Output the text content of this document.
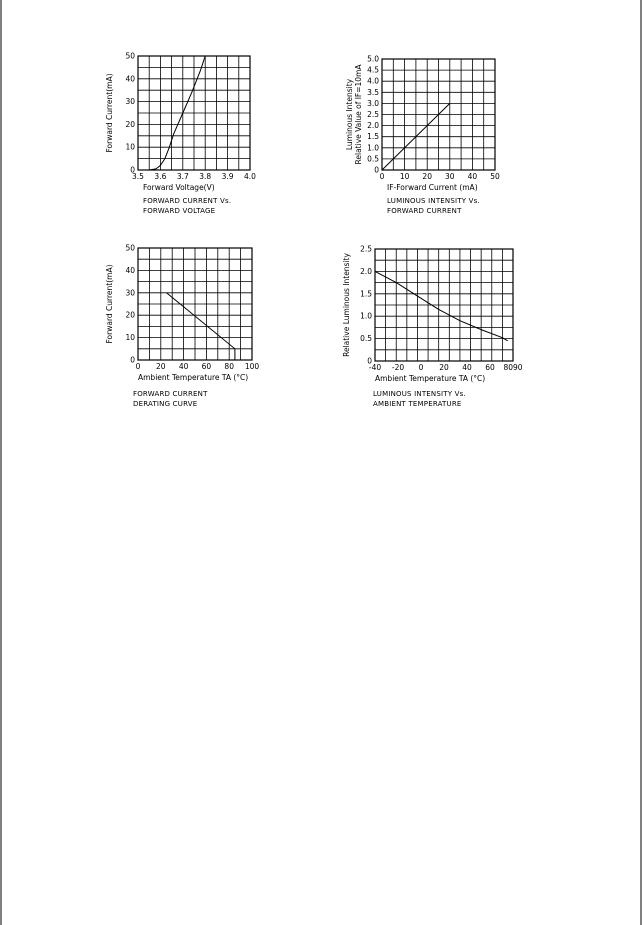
3.5 3.6 3.7 3.8 3.9 4.0
0
10
20
30
40
50
Forward Voltage(V)
Forward Current(mA)
FORWARD CURRENT Vs.
FORWARD VOLTAGE
0 10 20 30 40 50
0
0.5
1.0
1.5
2.0
2.5
3.0
3.5
4.0
4.5
5.0
IF-Forward Current (mA)
Luminous Intensity Relative Value of IF=10mA
LUMINOUS INTENSITY Vs.
FORWARD CURRENT
0 20 40 60 80 100
0
10
20
30
40
50
Ambient Temperature TA (°C)
Forward Current(mA)
FORWARD CURRENT
DERATING CURVE
-40 -20 0 20 40 60 8090
0
0.5
1.0
1.5
2.0
2.5
Ambient Temperature TA (°C)
Relative Luminous Intensity
LUMINOUS INTENSITY Vs.
AMBIENT TEMPERATURE
